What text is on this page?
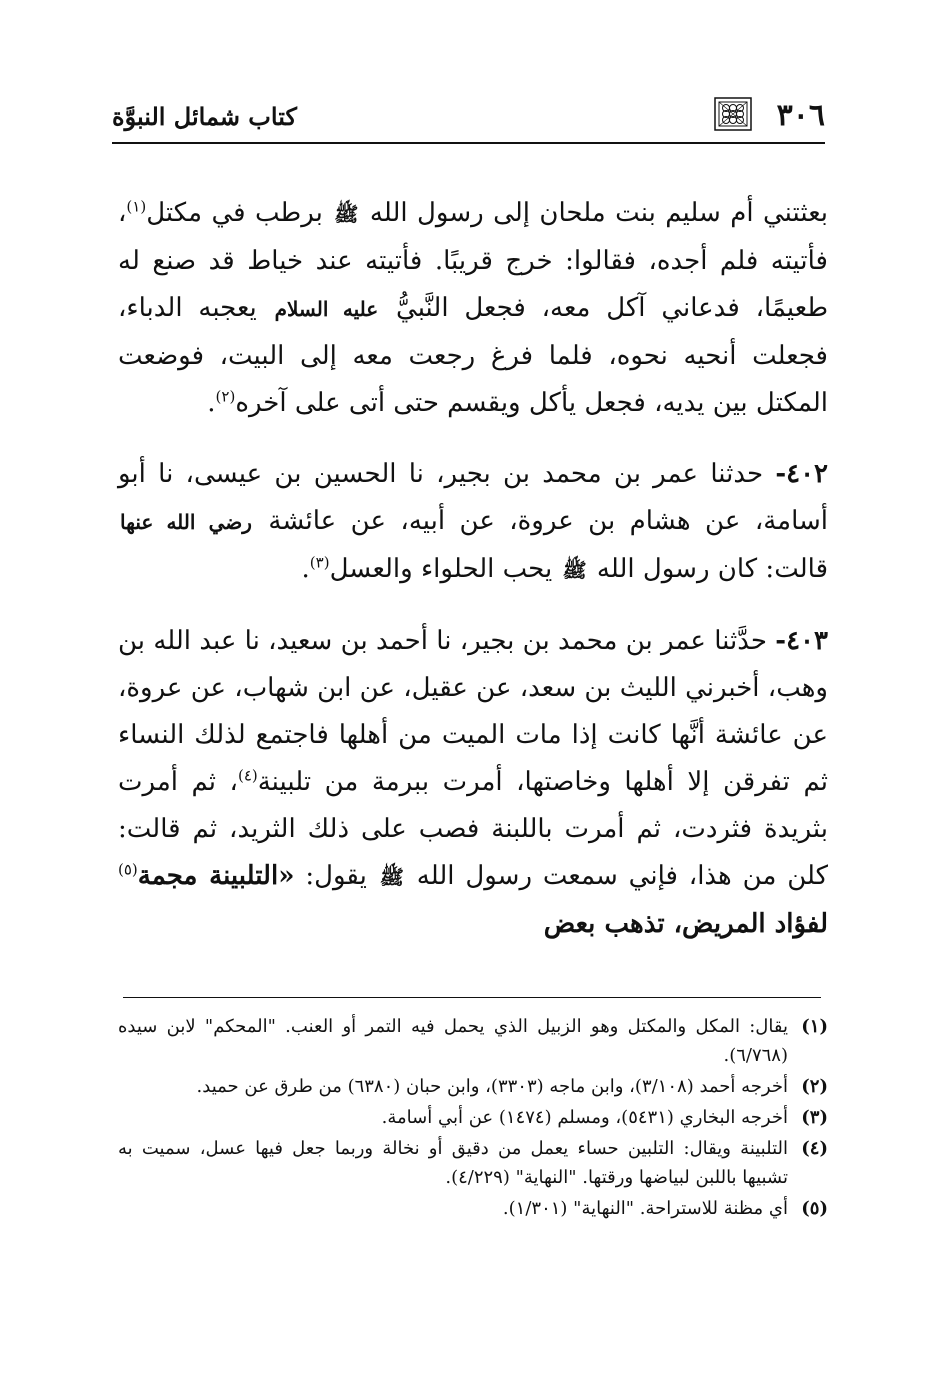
٣٠٦
كتاب شمائل النبوَّة

بعثتني أم سليم بنت ملحان إلى رسول الله ﷺ برطب في مكتل$^{(١)}$، فأتيته فلم أجده، فقالوا: خرج قريبًا. فأتيته عند خياط قد صنع له طعيمًا، فدعاني آكل معه، فجعل النَّبيُّ عليه السلام يعجبه الدباء، فجعلت أنحيه نحوه، فلما فرغ رجعت معه إلى البيت، فوضعت المكتل بين يديه، فجعل يأكل ويقسم حتى أتى على آخره$^{(٢)}$.

٤٠٢- حدثنا عمر بن محمد بن بجير، نا الحسين بن عيسى، نا أبو أسامة، عن هشام بن عروة، عن أبيه، عن عائشة رضي الله عنها قالت: كان رسول الله ﷺ يحب الحلواء والعسل$^{(٣)}$.

٤٠٣- حدَّثنا عمر بن محمد بن بجير، نا أحمد بن سعيد، نا عبد الله بن وهب، أخبرني الليث بن سعد، عن عقيل، عن ابن شهاب، عن عروة، عن عائشة أنَّها كانت إذا مات الميت من أهلها فاجتمع لذلك النساء ثم تفرقن إلا أهلها وخاصتها، أمرت ببرمة من تلبينة$^{(٤)}$، ثم أمرت بثريدة فثردت، ثم أمرت باللبنة فصب على ذلك الثريد، ثم قالت: كلن من هذا، فإني سمعت رسول الله ﷺ يقول: «التلبينة مجمة$^{(٥)}$ لفؤاد المريض، تذهب بعض

(١)
يقال: المكل والمكتل وهو الزبيل الذي يحمل فيه التمر أو العنب. "المحكم" لابن سيده (٦/٧٦٨).
(٢)
أخرجه أحمد (٣/١٠٨)، وابن ماجه (٣٣٠٣)، وابن حبان (٦٣٨٠) من طرق عن حميد.
(٣)
أخرجه البخاري (٥٤٣١)، ومسلم (١٤٧٤) عن أبي أسامة.
(٤)
التلبينة ويقال: التلبين حساء يعمل من دقيق أو نخالة وربما جعل فيها عسل، سميت به تشبيها باللبن لبياضها ورقتها. "النهاية" (٤/٢٢٩).
(٥)
أي مظنة للاستراحة. "النهاية" (١/٣٠١).
